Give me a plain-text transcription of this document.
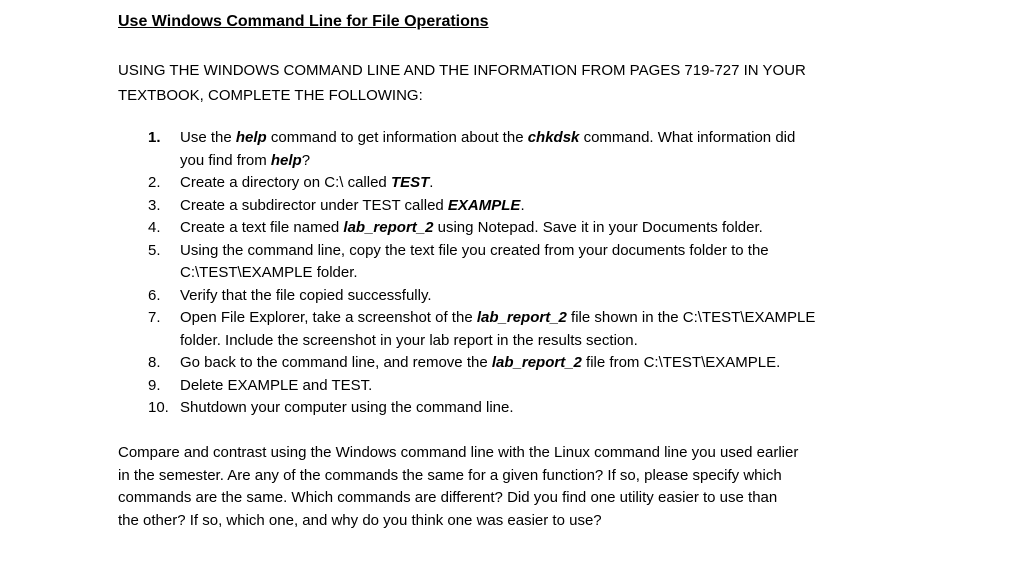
Use Windows Command Line for File Operations

USING THE WINDOWS COMMAND LINE AND THE INFORMATION FROM PAGES 719-727 IN YOUR

TEXTBOOK, COMPLETE THE FOLLOWING:

1.	Use the help command to get information about the chkdsk command. What information did
you find from help?
2.	Create a directory on C:\ called TEST.
3.	Create a subdirector under TEST called EXAMPLE.
4.	Create a text file named lab_report_2 using Notepad. Save it in your Documents folder.
5.	Using the command line, copy the text file you created from your documents folder to the
C:\TEST\EXAMPLE folder.
6.	Verify that the file copied successfully.
7.	Open File Explorer, take a screenshot of the lab_report_2 file shown in the C:\TEST\EXAMPLE
folder. Include the screenshot in your lab report in the results section.
8.	Go back to the command line, and remove the lab_report_2 file from C:\TEST\EXAMPLE.
9.	Delete EXAMPLE and TEST.
10. Shutdown your computer using the command line.

Compare and contrast using the Windows command line with the Linux command line you used earlier

in the semester. Are any of the commands the same for a given function? If so, please specify which

commands are the same. Which commands are different? Did you find one utility easier to use than

the other? If so, which one, and why do you think one was easier to use?
